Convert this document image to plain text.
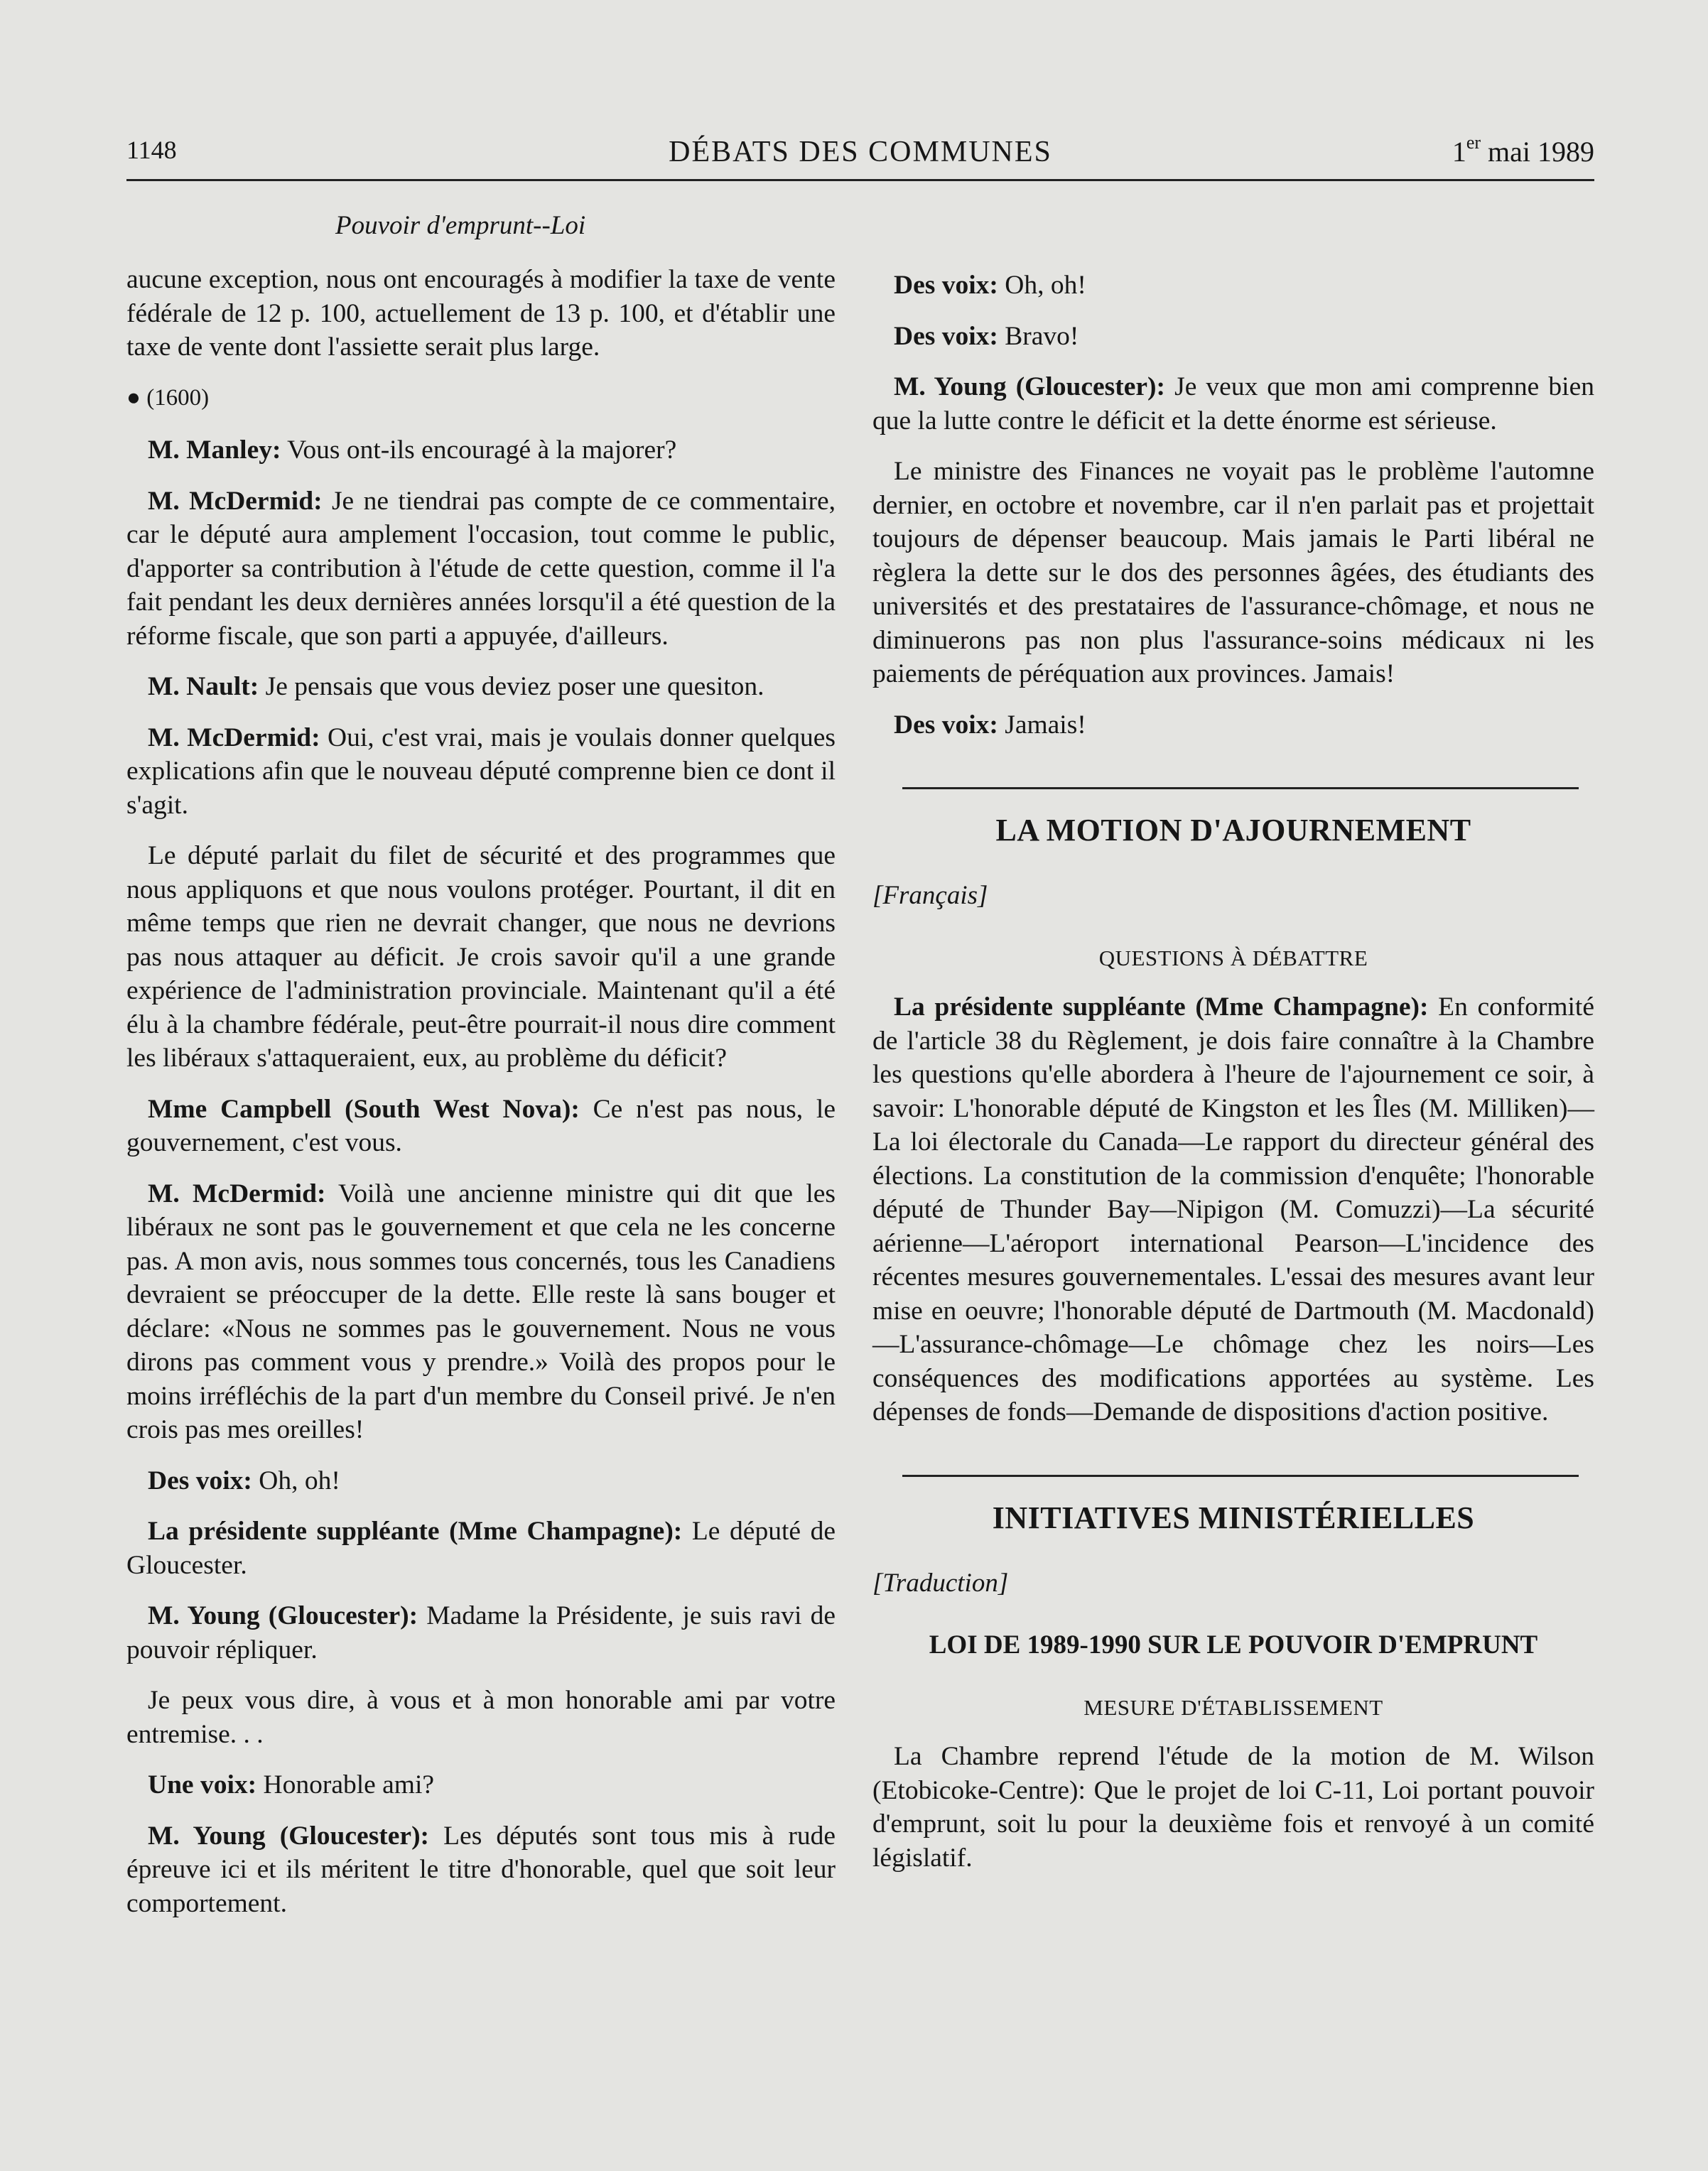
1148	DÉBATS DES COMMUNES	1er mai 1989
Pouvoir d'emprunt--Loi

aucune exception, nous ont encouragés à modifier la taxe de vente fédérale de 12 p. 100, actuellement de 13 p. 100, et d'établir une taxe de vente dont l'assiette serait plus large.

● (1600)

M. Manley: Vous ont-ils encouragé à la majorer?

M. McDermid: Je ne tiendrai pas compte de ce commentaire, car le député aura amplement l'occasion, tout comme le public, d'apporter sa contribution à l'étude de cette question, comme il l'a fait pendant les deux dernières années lorsqu'il a été question de la réforme fiscale, que son parti a appuyée, d'ailleurs.

M. Nault: Je pensais que vous deviez poser une quesiton.

M. McDermid: Oui, c'est vrai, mais je voulais donner quelques explications afin que le nouveau député comprenne bien ce dont il s'agit.

Le député parlait du filet de sécurité et des programmes que nous appliquons et que nous voulons protéger. Pourtant, il dit en même temps que rien ne devrait changer, que nous ne devrions pas nous attaquer au déficit. Je crois savoir qu'il a une grande expérience de l'administration provinciale. Maintenant qu'il a été élu à la chambre fédérale, peut-être pourrait-il nous dire comment les libéraux s'attaqueraient, eux, au problème du déficit?

Mme Campbell (South West Nova): Ce n'est pas nous, le gouvernement, c'est vous.

M. McDermid: Voilà une ancienne ministre qui dit que les libéraux ne sont pas le gouvernement et que cela ne les concerne pas. A mon avis, nous sommes tous concernés, tous les Canadiens devraient se préoccuper de la dette. Elle reste là sans bouger et déclare: «Nous ne sommes pas le gouvernement. Nous ne vous dirons pas comment vous y prendre.» Voilà des propos pour le moins irréfléchis de la part d'un membre du Conseil privé. Je n'en crois pas mes oreilles!

Des voix: Oh, oh!

La présidente suppléante (Mme Champagne): Le député de Gloucester.

M. Young (Gloucester): Madame la Présidente, je suis ravi de pouvoir répliquer.

Je peux vous dire, à vous et à mon honorable ami par votre entremise. . .

Une voix: Honorable ami?

M. Young (Gloucester): Les députés sont tous mis à rude épreuve ici et ils méritent le titre d'honorable, quel que soit leur comportement.

Des voix: Oh, oh!

Des voix: Bravo!

M. Young (Gloucester): Je veux que mon ami comprenne bien que la lutte contre le déficit et la dette énorme est sérieuse.

Le ministre des Finances ne voyait pas le problème l'automne dernier, en octobre et novembre, car il n'en parlait pas et projettait toujours de dépenser beaucoup. Mais jamais le Parti libéral ne règlera la dette sur le dos des personnes âgées, des étudiants des universités et des prestataires de l'assurance-chômage, et nous ne diminuerons pas non plus l'assurance-soins médicaux ni les paiements de péréquation aux provinces. Jamais!

Des voix: Jamais!

LA MOTION D'AJOURNEMENT
[Français]
QUESTIONS À DÉBATTRE

La présidente suppléante (Mme Champagne): En conformité de l'article 38 du Règlement, je dois faire connaître à la Chambre les questions qu'elle abordera à l'heure de l'ajournement ce soir, à savoir: L'honorable député de Kingston et les Îles (M. Milliken)—La loi électorale du Canada—Le rapport du directeur général des élections. La constitution de la commission d'enquête; l'honorable député de Thunder Bay—Nipigon (M. Comuzzi)—La sécurité aérienne—L'aéroport international Pearson—L'incidence des récentes mesures gouvernementales. L'essai des mesures avant leur mise en oeuvre; l'honorable député de Dartmouth (M. Macdonald)—L'assurance-chômage—Le chômage chez les noirs—Les conséquences des modifications apportées au système. Les dépenses de fonds—Demande de dispositions d'action positive.

INITIATIVES MINISTÉRIELLES
[Traduction]
LOI DE 1989-1990 SUR LE POUVOIR D'EMPRUNT
MESURE D'ÉTABLISSEMENT

La Chambre reprend l'étude de la motion de M. Wilson (Etobicoke-Centre): Que le projet de loi C-11, Loi portant pouvoir d'emprunt, soit lu pour la deuxième fois et renvoyé à un comité législatif.
